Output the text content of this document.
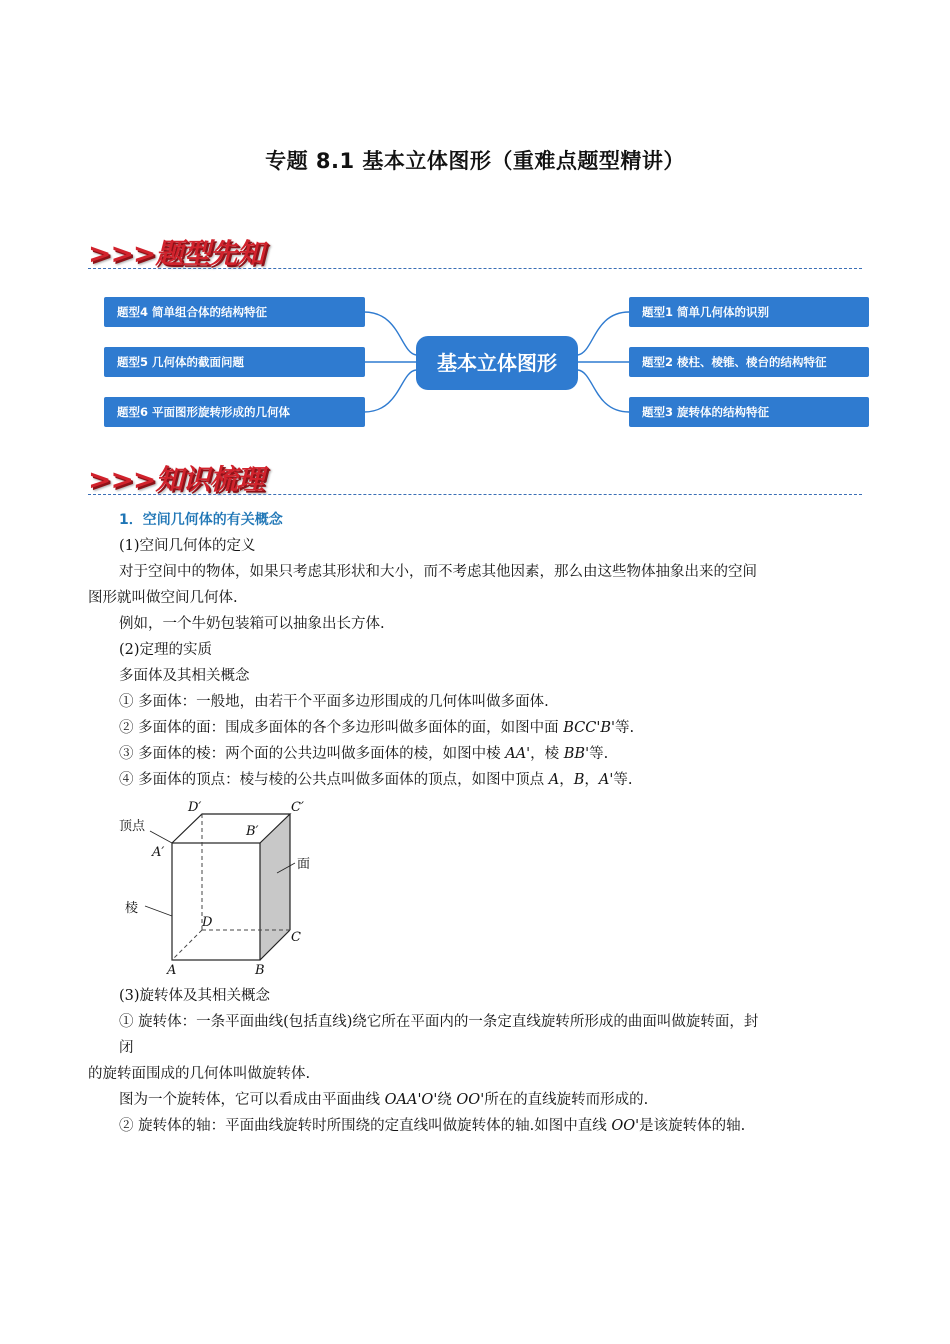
专题 8.1 基本立体图形（重难点题型精讲）
>>>题型先知
题型4 简单组合体的结构特征
题型5 几何体的截面问题
题型6 平面图形旋转形成的几何体
基本立体图形
题型1 简单几何体的识别
题型2 棱柱、棱锥、棱台的结构特征
题型3 旋转体的结构特征
>>>知识梳理
1．空间几何体的有关概念
(1)空间几何体的定义
对于空间中的物体，如果只考虑其形状和大小，而不考虑其他因素，那么由这些物体抽象出来的空间
图形就叫做空间几何体.
例如，一个牛奶包装箱可以抽象出长方体.
(2)定理的实质
多面体及其相关概念
① 多面体：一般地，由若干个平面多边形围成的几何体叫做多面体.
② 多面体的面：围成多面体的各个多边形叫做多面体的面，如图中面 BCC'B'等.
③ 多面体的棱：两个面的公共边叫做多面体的棱，如图中棱 AA'，棱 BB'等.
④ 多面体的顶点：棱与棱的公共点叫做多面体的顶点，如图中顶点 A，B，A'等.
顶点
棱
面
D′	C′
A′
B′
D
C
A	B
(3)旋转体及其相关概念
① 旋转体：一条平面曲线(包括直线)绕它所在平面内的一条定直线旋转所形成的曲面叫做旋转面，封
闭
的旋转面围成的几何体叫做旋转体.
图为一个旋转体，它可以看成由平面曲线 OAA'O'绕 OO'所在的直线旋转而形成的.
② 旋转体的轴：平面曲线旋转时所围绕的定直线叫做旋转体的轴.如图中直线 OO'是该旋转体的轴.
